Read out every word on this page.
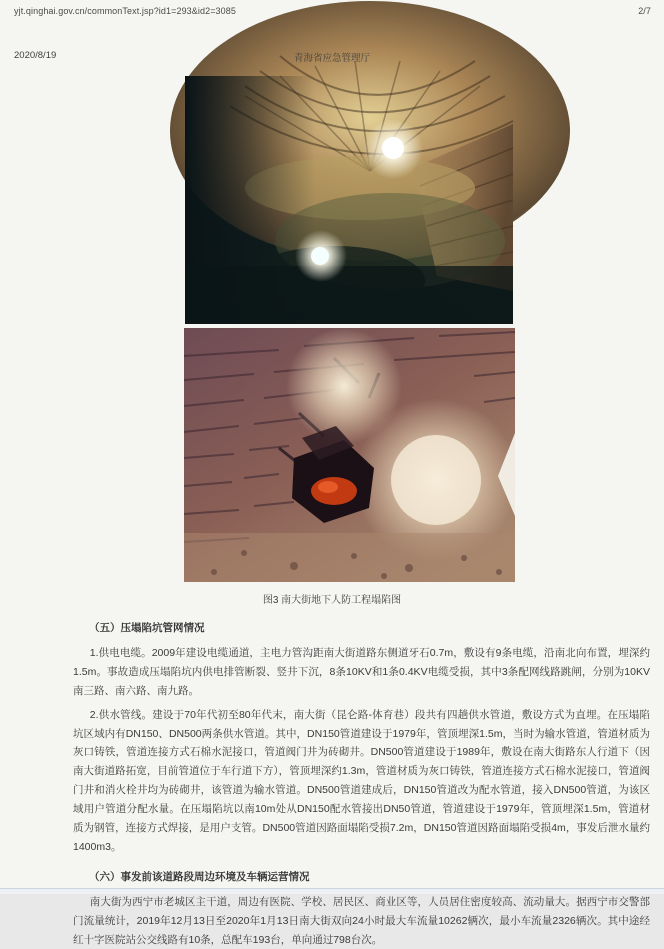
yjt.qinghai.gov.cn/commonText.jsp?id1=293&id2=3085	2/7
2020/8/19	青海省应急管理厅
图3 南大街地下人防工程塌陷图
（五）压塌陷坑管网情况

1.供电电缆。2009年建设电缆通道，主电力管沟距南大街道路东侧道牙石0.7m，敷设有9条电缆，沿南北向布置，埋深约1.5m。事故造成压塌陷坑内供电排管断裂、竖井下沉，8条10KV和1条0.4KV电缆受损，其中3条配网线路跳闸，分别为10KV南三路、南六路、南九路。

2.供水管线。建设于70年代初至80年代末，南大街（昆仑路-体育巷）段共有四趟供水管道，敷设方式为直埋。在压塌陷坑区域内有DN150、DN500两条供水管道。其中，DN150管道建设于1979年，管顶埋深1.5m，当时为输水管道，管道材质为灰口铸铁，管道连接方式石棉水泥接口，管道阀门井为砖砌井。DN500管道建设于1989年，敷设在南大街路东人行道下（因南大街道路拓宽，目前管道位于车行道下方），管顶埋深约1.3m，管道材质为灰口铸铁，管道连接方式石棉水泥接口，管道阀门井和消火栓井均为砖砌井，该管道为输水管道。DN500管道建成后，DN150管道改为配水管道，接入DN500管道，为该区域用户管道分配水量。在压塌陷坑以南10m处从DN150配水管接出DN50管道，管道建设于1979年，管顶埋深1.5m，管道材质为钢管，连接方式焊接，是用户支管。DN500管道因路面塌陷受损7.2m，DN150管道因路面塌陷受损4m，事发后泄水量约1400m3。

（六）事发前该道路段周边环境及车辆运营情况

南大街为西宁市老城区主干道，周边有医院、学校、居民区、商业区等，人员居住密度较高、流动量大。据西宁市交警部门流量统计，2019年12月13日至2020年1月13日南大街双向24小时最大车流量10262辆次，最小车流量2326辆次。其中途经红十字医院站公交线路有10条，总配车193台，单向通过798台次。
